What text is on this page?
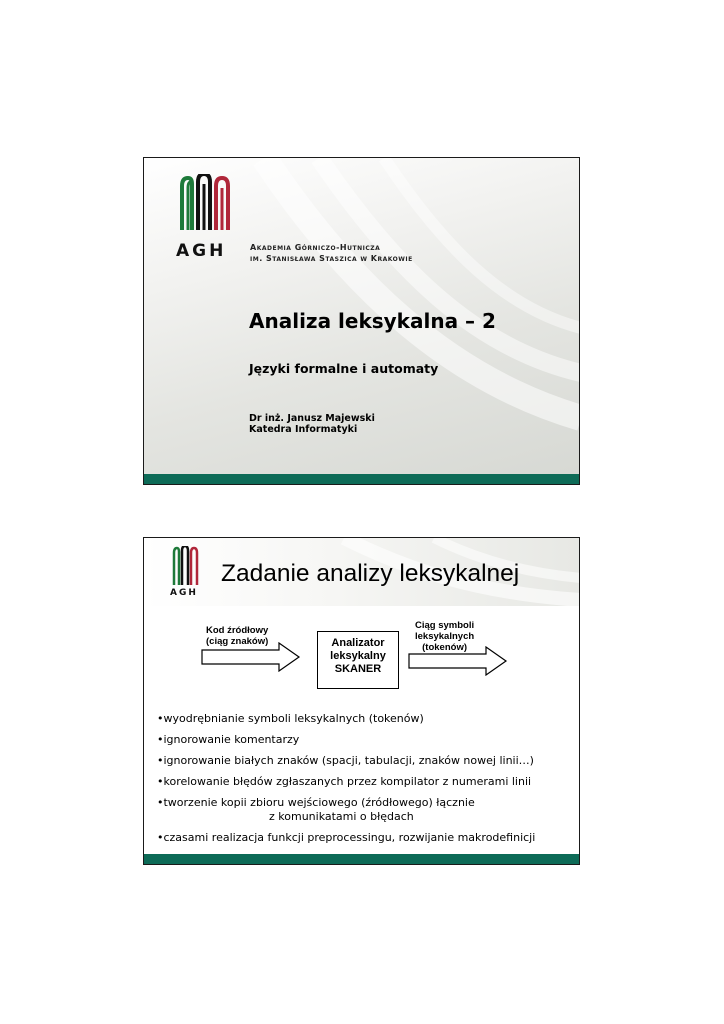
AGH	Akademia Górniczo-Hutnicza
im. Stanisława Staszica w Krakowie
Analiza leksykalna – 2
Języki formalne i automaty
Dr inż. Janusz Majewski
Katedra Informatyki
AGH
Zadanie analizy leksykalnej
Kod źródłowy
(ciąg znaków)	Analizator
leksykalny
SKANER
Ciąg symboli
leksykalnych
(tokenów)
•wyodrębnianie symboli leksykalnych (tokenów)
•ignorowanie komentarzy
•ignorowanie białych znaków (spacji, tabulacji, znaków nowej linii…)
•korelowanie błędów zgłaszanych przez kompilator z numerami linii
•tworzenie kopii zbioru wejściowego (źródłowego) łącznie
z komunikatami o błędach
•czasami realizacja funkcji preprocessingu, rozwijanie makrodefinicji
